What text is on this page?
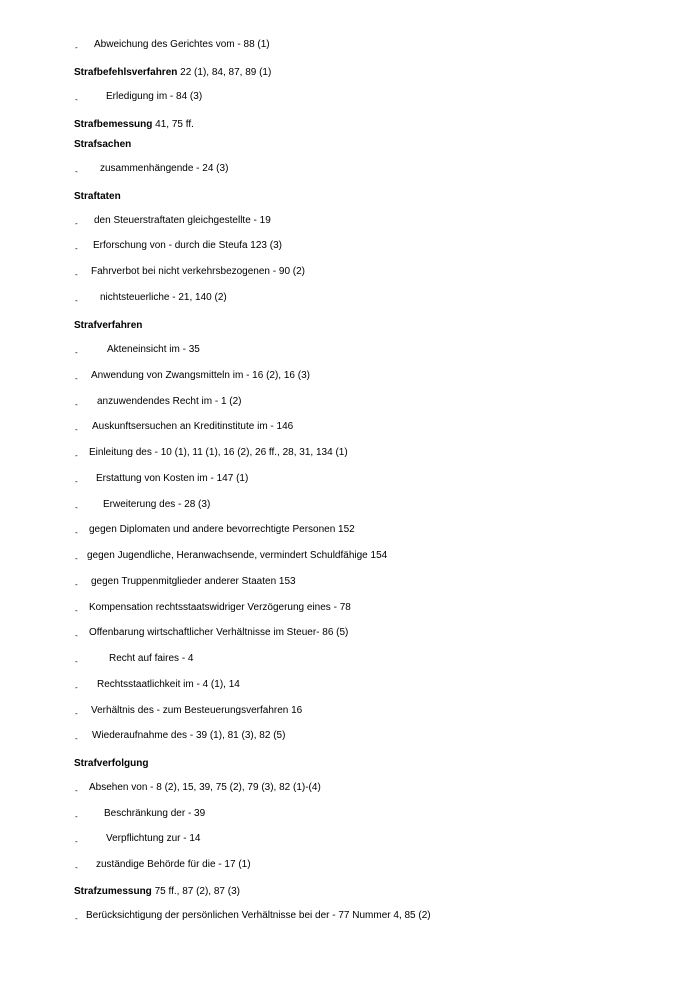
- Abweichung des Gerichtes vom - 88 (1)
Strafbefehlsverfahren 22 (1), 84, 87, 89 (1)
-	Erledigung im - 84 (3)
Strafbemessung 41, 75 ff.
Strafsachen
- zusammenhängende - 24 (3)
Straftaten
- den Steuerstraftaten gleichgestellte - 19
- Erforschung von - durch die Steufa 123 (3)
- Fahrverbot bei nicht verkehrsbezogenen - 90 (2)
- nichtsteuerliche - 21, 140 (2)
Strafverfahren
-	Akteneinsicht im - 35
- Anwendung von Zwangsmitteln im - 16 (2), 16 (3)
- anzuwendendes Recht im - 1 (2)
- Auskunftsersuchen an Kreditinstitute im - 146
- Einleitung des - 10 (1), 11 (1), 16 (2), 26 ff., 28, 31, 134 (1)
- Erstattung von Kosten im - 147 (1)
-	Erweiterung des - 28 (3)
- gegen Diplomaten und andere bevorrechtigte Personen 152
- gegen Jugendliche, Heranwachsende, vermindert Schuldfähige 154
- gegen Truppenmitglieder anderer Staaten 153
- Kompensation rechtsstaatswidriger Verzögerung eines - 78
- Offenbarung wirtschaftlicher Verhältnisse im Steuer- 86 (5)
-	Recht auf faires - 4
- Rechtsstaatlichkeit im - 4 (1), 14
- Verhältnis des - zum Besteuerungsverfahren 16
- Wiederaufnahme des - 39 (1), 81 (3), 82 (5)
Strafverfolgung
- Absehen von - 8 (2), 15, 39, 75 (2), 79 (3), 82 (1)-(4)
-	Beschränkung der - 39
-	Verpflichtung zur - 14
- zuständige Behörde für die - 17 (1)
Strafzumessung 75 ff., 87 (2), 87 (3)
- Berücksichtigung der persönlichen Verhältnisse bei der - 77 Nummer 4, 85 (2)
